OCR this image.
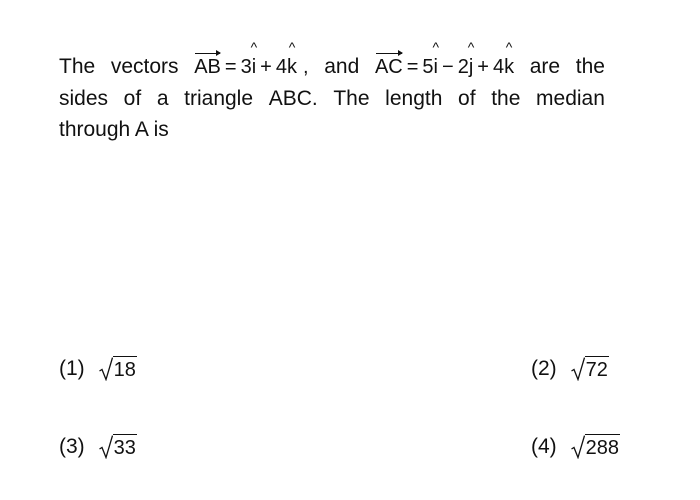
The vectors AB = 3 ^ i + 4 ^ k , and AC = 5 ^ i − 2 ^ j + 4 ^ k are the
sides of a triangle ABC. The length of the median
through A is
(1) 18	(2) 72
(3) 33	(4) 288
